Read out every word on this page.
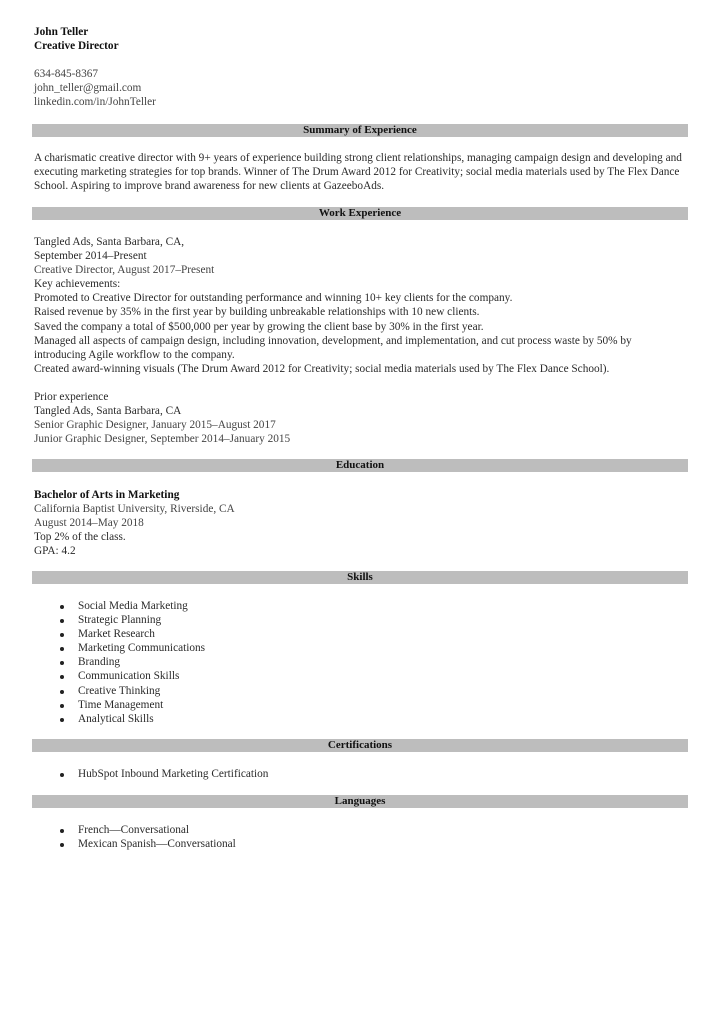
John Teller
Creative Director
634-845-8367
john_teller@gmail.com
linkedin.com/in/JohnTeller
Summary of Experience
A charismatic creative director with 9+ years of experience building strong client relationships, managing campaign design and developing and executing marketing strategies for top brands. Winner of The Drum Award 2012 for Creativity; social media materials used by The Flex Dance School. Aspiring to improve brand awareness for new clients at GazeeboAds.
Work Experience
Tangled Ads, Santa Barbara, CA,
September 2014–Present
Creative Director, August 2017–Present
Key achievements:
Promoted to Creative Director for outstanding performance and winning 10+ key clients for the company.
Raised revenue by 35% in the first year by building unbreakable relationships with 10 new clients.
Saved the company a total of $500,000 per year by growing the client base by 30% in the first year.
Managed all aspects of campaign design, including innovation, development, and implementation, and cut process waste by 50% by introducing Agile workflow to the company.
Created award-winning visuals (The Drum Award 2012 for Creativity; social media materials used by The Flex Dance School).
Prior experience
Tangled Ads, Santa Barbara, CA
Senior Graphic Designer, January 2015–August 2017
Junior Graphic Designer, September 2014–January 2015
Education
Bachelor of Arts in Marketing
California Baptist University, Riverside, CA
August 2014–May 2018
Top 2% of the class.
GPA: 4.2
Skills
Social Media Marketing
Strategic Planning
Market Research
Marketing Communications
Branding
Communication Skills
Creative Thinking
Time Management
Analytical Skills
Certifications
HubSpot Inbound Marketing Certification
Languages
French—Conversational
Mexican Spanish—Conversational
